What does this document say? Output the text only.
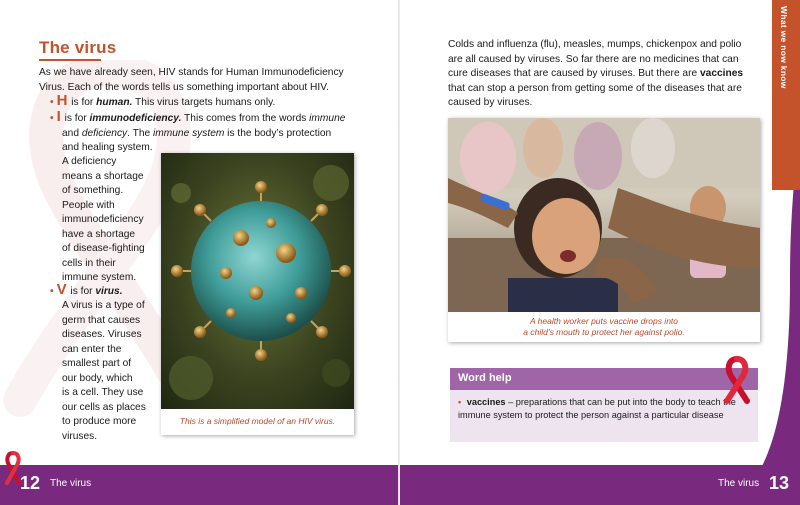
The virus

As we have already seen, HIV stands for Human Immunodeficiency Virus. Each of the words tells us something important about HIV.

• H is for human. This virus targets humans only.
• I is for immunodeficiency. This comes from the words immune
and deficiency. The immune system is the body’s protection
and healing system.
A deficiency
means a shortage
of something.
People with
immunodeficiency
have a shortage
of disease-fighting
cells in their
immune system.
• V is for virus.
A virus is a type of
germ that causes
diseases. Viruses
can enter the
smallest part of
our body, which
is a cell. They use
our cells as places
to produce more
viruses.
This is a simplified model of an HIV virus.
12 The virus
What we now know

Colds and influenza (flu), measles, mumps, chickenpox and polio are all caused by viruses. So far there are no medicines that can cure diseases that are caused by viruses. But there are vaccines that can stop a person from getting some of the diseases that are caused by viruses.

A health worker puts vaccine drops into
a child’s mouth to protect her against polio.
Word help
• vaccines – preparations that can be put into the body to teach the immune system to protect the person against a particular disease
The virus 13
